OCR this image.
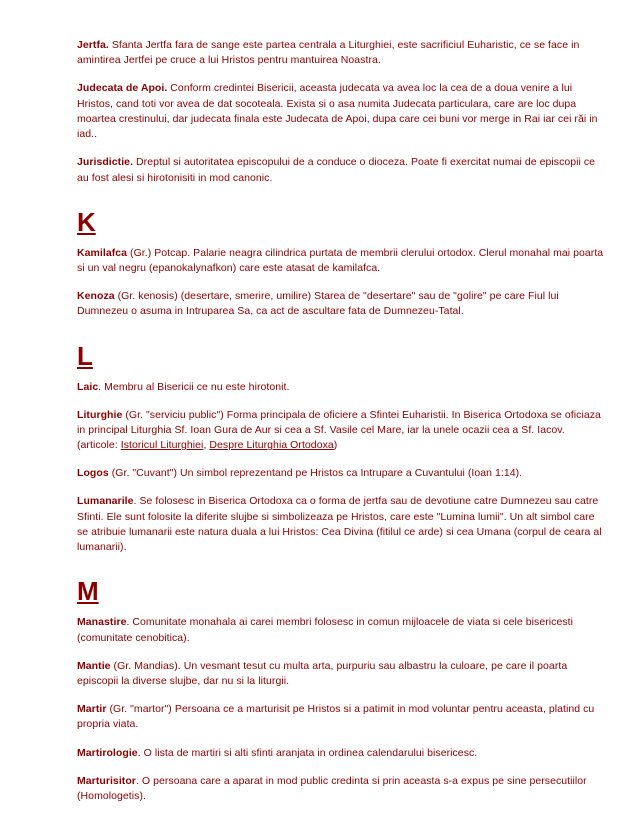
Jertfa. Sfanta Jertfa fara de sange este partea centrala a Liturghiei, este sacrificiul Euharistic, ce se face in amintirea Jertfei pe cruce a lui Hristos pentru mantuirea Noastra.

Judecata de Apoi. Conform credintei Bisericii, aceasta judecata va avea loc la cea de a doua venire a lui Hristos, cand toti vor avea de dat socoteala. Exista si o asa numita Judecata particulara, care are loc dupa moartea crestinului, dar judecata finala este Judecata de Apoi, dupa care cei buni vor merge in Rai iar cei răi in iad..

Jurisdictie. Dreptul si autoritatea episcopului de a conduce o dioceza. Poate fi exercitat numai de episcopii ce au fost alesi si hirotonisiti in mod canonic.

K

Kamilafca (Gr.) Potcap. Palarie neagra cilindrica purtata de membrii clerului ortodox. Clerul monahal mai poarta si un val negru (epanokalynafkon) care este atasat de kamilafca.

Kenoza (Gr. kenosis) (desertare, smerire, umilire) Starea de "desertare" sau de "golire" pe care Fiul lui Dumnezeu o asuma in Intruparea Sa, ca act de ascultare fata de Dumnezeu-Tatal.

L

Laic. Membru al Bisericii ce nu este hirotonit.

Liturghie (Gr. "serviciu public") Forma principala de oficiere a Sfintei Euharistii. In Biserica Ortodoxa se oficiaza in principal Liturghia Sf. Ioan Gura de Aur si cea a Sf. Vasile cel Mare, iar la unele ocazii cea a Sf. Iacov.(articole: Istoricul Liturghiei, Despre Liturghia Ortodoxa)

Logos (Gr. "Cuvant") Un simbol reprezentand pe Hristos ca Intrupare a Cuvantului (Ioan 1:14).

Lumanarile. Se folosesc in Biserica Ortodoxa ca o forma de jertfa sau de devotiune catre Dumnezeu sau catre Sfinti. Ele sunt folosite la diferite slujbe si simbolizeaza pe Hristos, care este "Lumina lumii". Un alt simbol care se atribuie lumanarii este natura duala a lui Hristos: Cea Divina (fitilul ce arde) si cea Umana (corpul de ceara al lumanarii).

M

Manastire. Comunitate monahala ai carei membri folosesc in comun mijloacele de viata si cele bisericesti (comunitate cenobitica).

Mantie (Gr. Mandias). Un vesmant tesut cu multa arta, purpuriu sau albastru la culoare, pe care il poarta episcopii la diverse slujbe, dar nu si la liturgii.

Martir (Gr. "martor") Persoana ce a marturisit pe Hristos si a patimit in mod voluntar pentru aceasta, platind cu propria viata.

Martirologie. O lista de martiri si alti sfinti aranjata in ordinea calendarului bisericesc.

Marturisitor. O persoana care a aparat in mod public credinta si prin aceasta s-a expus pe sine persecutiilor (Homologetis).
